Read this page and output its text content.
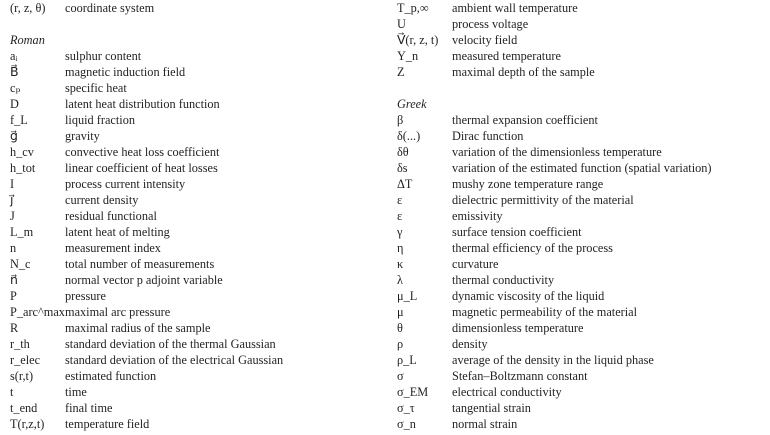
(r, z, θ) coordinate system
Roman
aᵢ	sulphur content
B⃗	magnetic induction field
cₚ	specific heat
D	latent heat distribution function
f_L	liquid fraction
g⃗	gravity
h_cv	convective heat loss coefficient
h_tot linear coefficient of heat losses
I	process current intensity
j⃗	current density
J	residual functional
L_m	latent heat of melting
n	measurement index
N_c	total number of measurements
n⃗	normal vector p adjoint variable
P	pressure
P_arc^max maximal arc pressure
R	maximal radius of the sample
r_th	standard deviation of the thermal Gaussian
r_elec standard deviation of the electrical Gaussian
s(r,t)	estimated function
t	time
t_end final time
T(r,z,t) temperature field
T_p,∞ ambient wall temperature
U	process voltage
V⃗(r, z, t) velocity field
Y_n	measured temperature
Z	maximal depth of the sample
Greek
β	thermal expansion coefficient
δ(...)	Dirac function
δθ	variation of the dimensionless temperature
δs	variation of the estimated function (spatial variation)
ΔT	mushy zone temperature range
ε	dielectric permittivity of the material
ε	emissivity
γ	surface tension coefficient
η	thermal efficiency of the process
κ	curvature
λ	thermal conductivity
μ_L	dynamic viscosity of the liquid
μ	magnetic permeability of the material
θ	dimensionless temperature
ρ	density
ρ_L	average of the density in the liquid phase
σ	Stefan–Boltzmann constant
σ_EM electrical conductivity
σ_τ	tangential strain
σ_n	normal strain
